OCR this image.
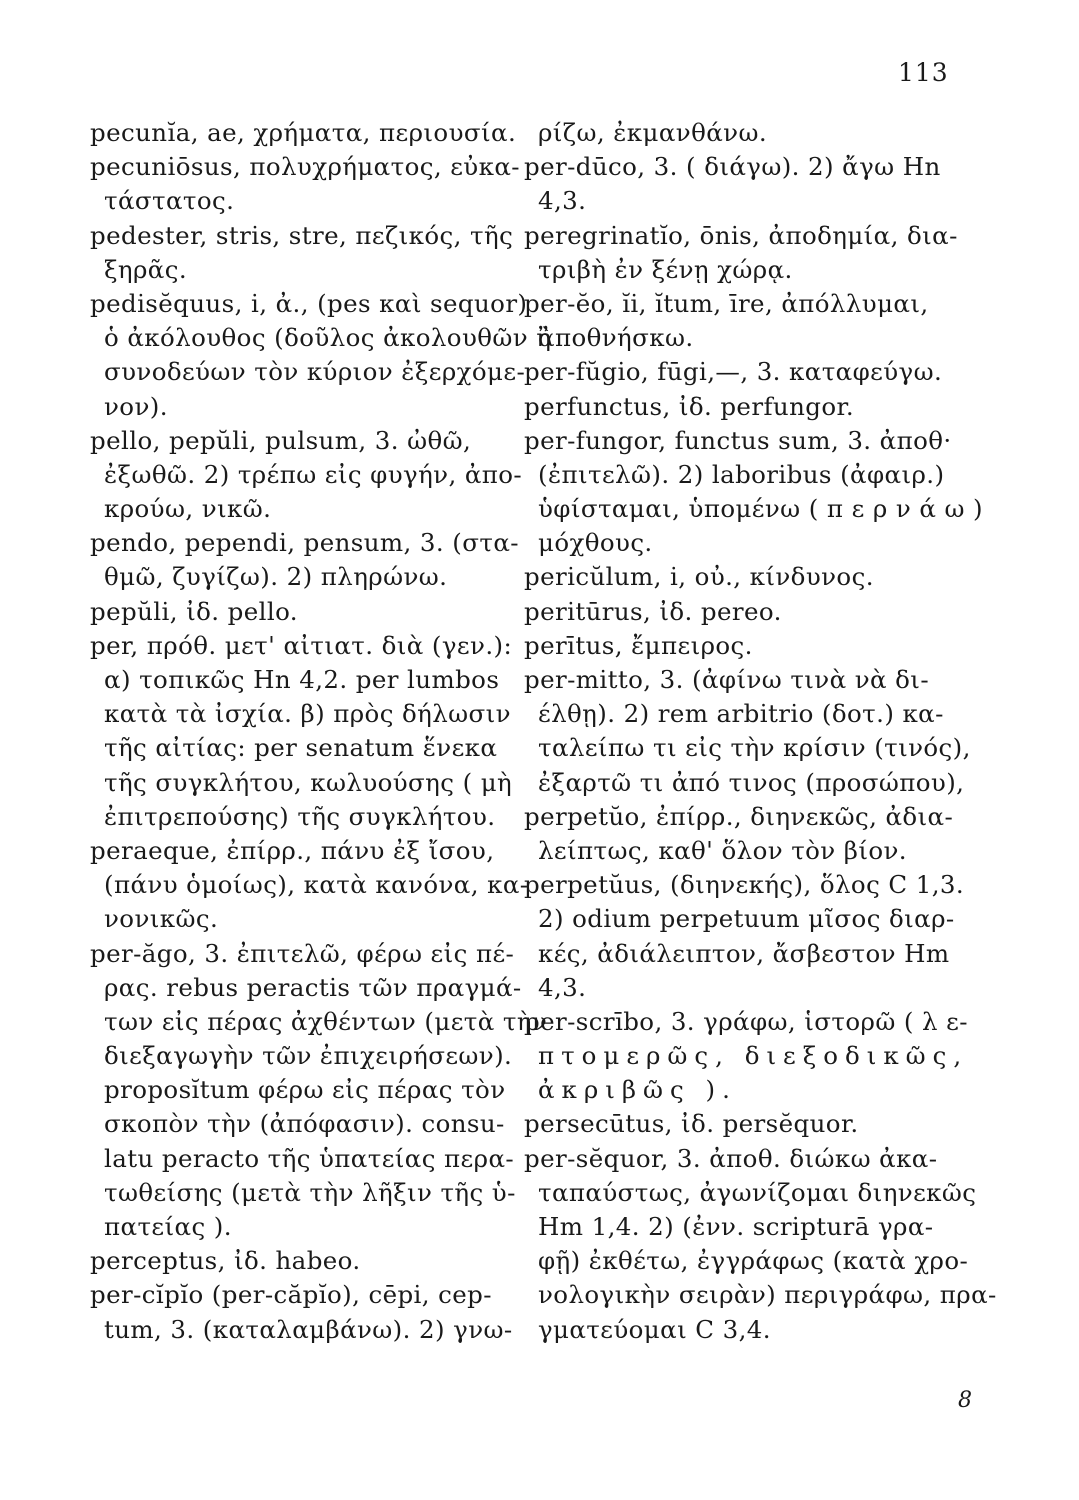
113
pecunĭa, ae, χρήματα, περιουσία.
pecuniōsus, πολυχρήματος, εὐκα-
τάστατος.
pedester, stris, stre, πεζικός, τῆς
ξηρᾶς.
pedisĕquus, i, ἀ., (pes καὶ sequor)
ὁ ἀκόλουθος (δοῦλος ἀκολουθῶν ἢ
συνοδεύων τὸν κύριον ἐξερχόμε-
νον).
pello, pepŭli, pulsum, 3. ὠθῶ,
ἐξωθῶ. 2) τρέπω εἰς φυγήν, ἀπο-
κρούω, νικῶ.
pendo, pependi, pensum, 3. (στα-
θμῶ, ζυγίζω). 2) πληρώνω.
pepŭli, ἰδ. pello.
per, πρόθ. μετ' αἰτιατ. διὰ (γεν.):
α) τοπικῶς Hn 4,2. per lumbos
κατὰ τὰ ἰσχία. β) πρὸς δήλωσιν
τῆς αἰτίας: per senatum ἕνεκα
τῆς συγκλήτου, κωλυούσης ( μὴ
ἐπιτρεπούσης) τῆς συγκλήτου.
peraeque, ἐπίρρ., πάνυ ἐξ ἴσου,
(πάνυ ὁμοίως), κατὰ κανόνα, κα-
νονικῶς.
per-ăgo, 3. ἐπιτελῶ, φέρω εἰς πέ-
ρας. rebus peractis τῶν πραγμά-
των εἰς πέρας ἀχθέντων (μετὰ τὴν
διεξαγωγὴν τῶν ἐπιχειρήσεων).
proposĭtum φέρω εἰς πέρας τὸν
σκοπὸν τὴν (ἀπόφασιν). consu-
latu peracto τῆς ὑπατείας περα-
τωθείσης (μετὰ τὴν λῆξιν τῆς ὑ-
πατείας ).
perceptus, ἰδ. habeo.
per-cĭpĭo (per-căpĭo), cēpi, cep-
tum, 3. (καταλαμβάνω). 2) γνω-
ρίζω, ἐκμανθάνω.
per-dūco, 3. ( διάγω). 2) ἄγω Hn
4,3.
peregrinatĭo, ōnis, ἀποδημία, δια-
τριβὴ ἐν ξένῃ χώρᾳ.
per-ĕo, ĭi, ĭtum, īre, ἀπόλλυμαι,
ἀποθνήσκω.
per-fŭgio, fūgi,—, 3. καταφεύγω.
perfunctus, ἰδ. perfungor.
per-fungor, functus sum, 3. ἀποθ·
(ἐπιτελῶ). 2) laboribus (ἀφαιρ.)
ὑφίσταμαι, ὑπομένω ( π ε ρ ν ά ω )
μόχθους.
pericŭlum, i, οὐ., κίνδυνος.
peritūrus, ἰδ. pereo.
perītus, ἔμπειρος.
per-mitto, 3. (ἀφίνω τινὰ νὰ δι-
έλθῃ). 2) rem arbitrio (δοτ.) κα-
ταλείπω τι εἰς τὴν κρίσιν (τινός),
ἐξαρτῶ τι ἀπό τινος (προσώπου),
perpetŭo, ἐπίρρ., διηνεκῶς, ἀδια-
λείπτως, καθ' ὅλον τὸν βίον.
perpetŭus, (διηνεκής), ὅλος C 1,3.
2) odium perpetuum μῖσος διαρ-
κές, ἀδιάλειπτον, ἄσβεστον Hm
4,3.
per-scrībo, 3. γράφω, ἱστορῶ ( λ ε-
πτομερῶς, διεξοδικῶς,
ἀκριβῶς ).
persecūtus, ἰδ. persĕquor.
per-sĕquor, 3. ἀποθ. διώκω ἀκα-
ταπαύστως, ἀγωνίζομαι διηνεκῶς
Hm 1,4. 2) (ἐνν. scripturā γρα-
φῇ) ἐκθέτω, ἐγγράφως (κατὰ χρο-
νολογικὴν σειρὰν) περιγράφω, πρα-
γματεύομαι C 3,4.
8
